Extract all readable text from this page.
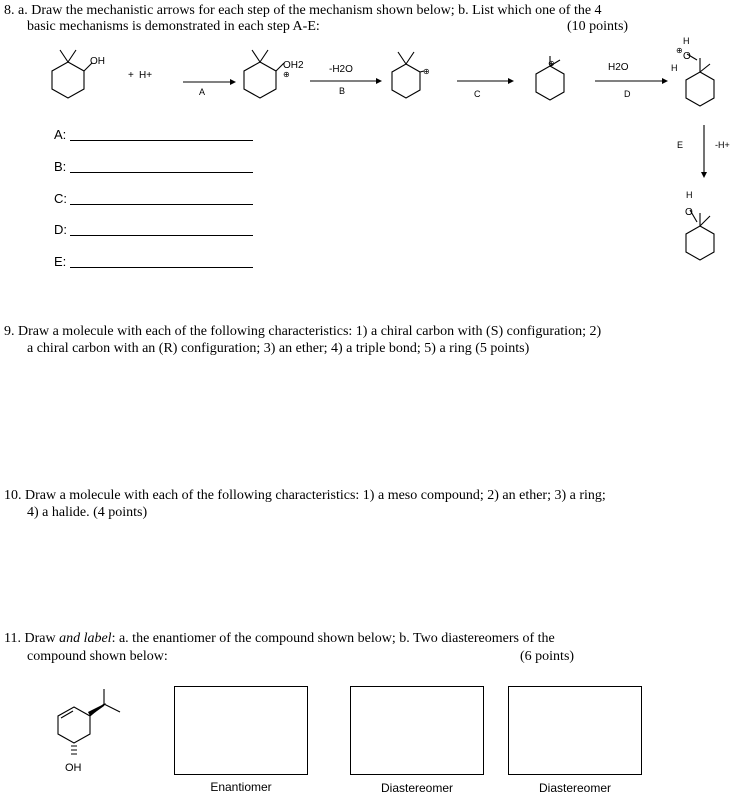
8. a. Draw the mechanistic arrows for each step of the mechanism shown below; b. List which one of the 4
basic mechanisms is demonstrated in each step A-E:	(10 points)
OH
+ H+
OH2
⊕	-H2O	⊕
⊕	H2O
H
⊕
O
H
-H+
H
O
A	B	C	D
E
A:
B:
C:
D:
E:
9. Draw a molecule with each of the following characteristics: 1) a chiral carbon with (S) configuration; 2)
a chiral carbon with an (R) configuration; 3) an ether; 4) a triple bond; 5) a ring (5 points)
10. Draw a molecule with each of the following characteristics: 1) a meso compound; 2) an ether; 3) a ring;
4) a halide. (4 points)
11. Draw and label: a. the enantiomer of the compound shown below; b. Two diastereomers of the
compound shown below:	(6 points)
OH
Enantiomer	Diastereomer	Diastereomer
